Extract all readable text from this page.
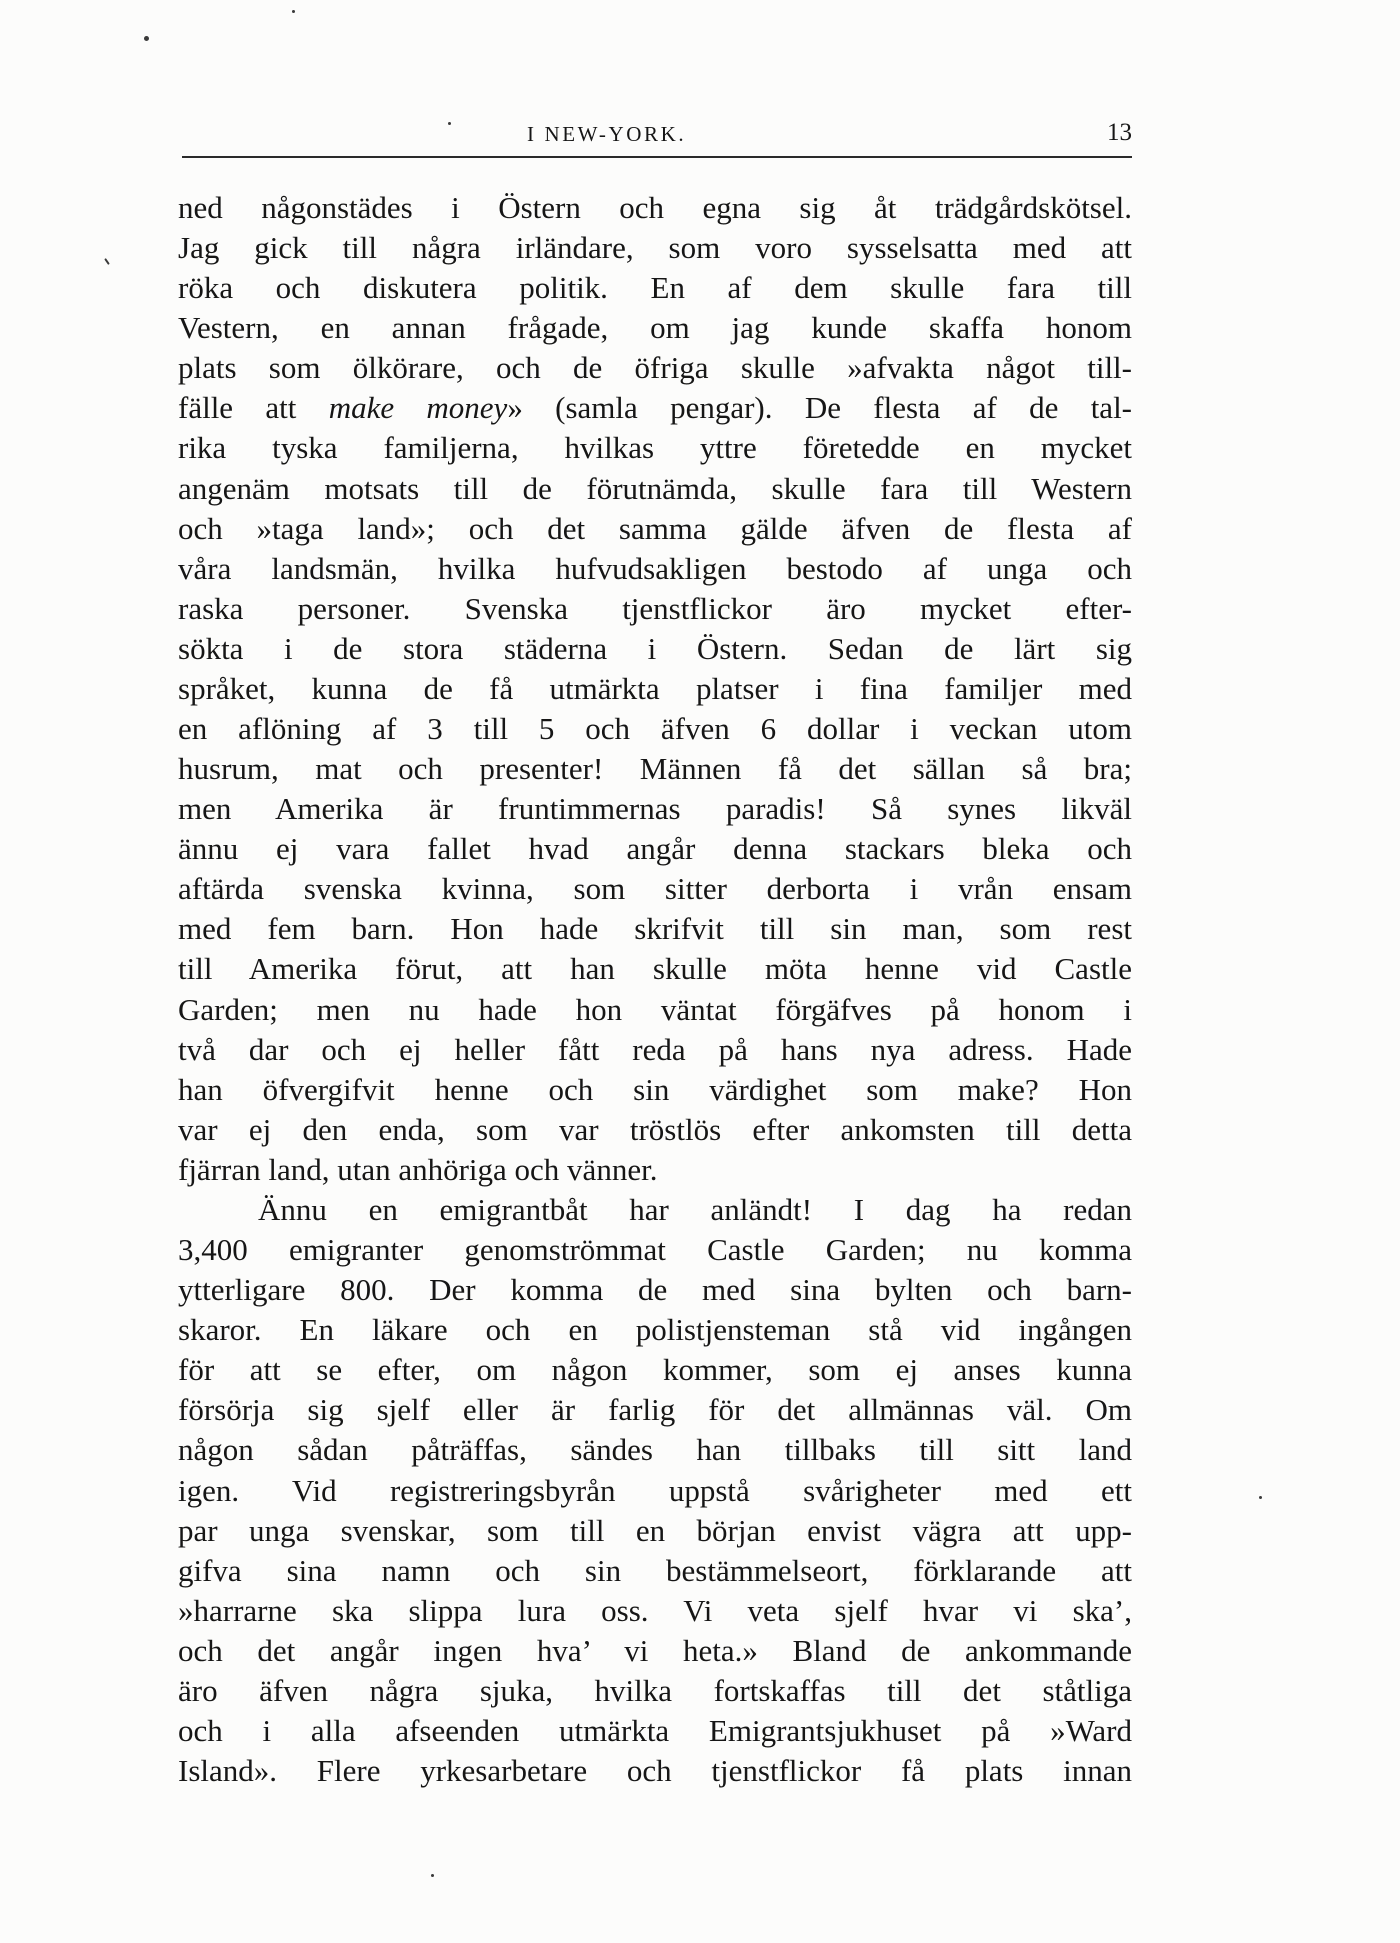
I NEW-YORK.	13
ned någonstädes i Östern och egna sig åt trädgårdskötsel.
Jag gick till några irländare, som voro sysselsatta med att
röka och diskutera politik. En af dem skulle fara till
Vestern, en annan frågade, om jag kunde skaffa honom
plats som ölkörare, och de öfriga skulle »afvakta något till-
fälle att make money» (samla pengar). De flesta af de tal-
rika tyska familjerna, hvilkas yttre företedde en mycket
angenäm motsats till de förutnämda, skulle fara till Western
och »taga land»; och det samma gälde äfven de flesta af
våra landsmän, hvilka hufvudsakligen bestodo af unga och
raska personer. Svenska tjenstflickor äro mycket efter-
sökta i de stora städerna i Östern. Sedan de lärt sig
språket, kunna de få utmärkta platser i fina familjer med
en aflöning af 3 till 5 och äfven 6 dollar i veckan utom
husrum, mat och presenter! Männen få det sällan så bra;
men Amerika är fruntimmernas paradis! Så synes likväl
ännu ej vara fallet hvad angår denna stackars bleka och
aftärda svenska kvinna, som sitter derborta i vrån ensam
med fem barn. Hon hade skrifvit till sin man, som rest
till Amerika förut, att han skulle möta henne vid Castle
Garden; men nu hade hon väntat förgäfves på honom i
två dar och ej heller fått reda på hans nya adress. Hade
han öfvergifvit henne och sin värdighet som make? Hon
var ej den enda, som var tröstlös efter ankomsten till detta
fjärran land, utan anhöriga och vänner.
Ännu en emigrantbåt har anländt! I dag ha redan
3,400 emigranter genomströmmat Castle Garden; nu komma
ytterligare 800. Der komma de med sina bylten och barn-
skaror. En läkare och en polistjensteman stå vid ingången
för att se efter, om någon kommer, som ej anses kunna
försörja sig sjelf eller är farlig för det allmännas väl. Om
någon sådan påträffas, sändes han tillbaks till sitt land
igen. Vid registreringsbyrån uppstå svårigheter med ett
par unga svenskar, som till en början envist vägra att upp-
gifva sina namn och sin bestämmelseort, förklarande att
»harrarne ska slippa lura oss. Vi veta sjelf hvar vi ska’,
och det angår ingen hva’ vi heta.» Bland de ankommande
äro äfven några sjuka, hvilka fortskaffas till det ståtliga
och i alla afseenden utmärkta Emigrantsjukhuset på »Ward
Island». Flere yrkesarbetare och tjenstflickor få plats innan
